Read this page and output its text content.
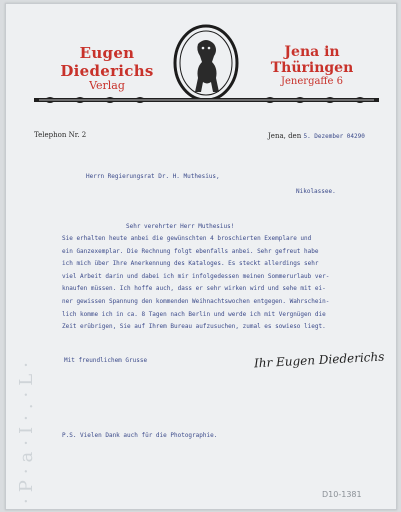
·P·a·I·.·L·
Eugen Diederichs
Verlag
Jena in Thüringen
Jenergaffe 6
Telephon Nr. 2	Jena, den 5. Dezember 04290
Herrn Regierungsrat Dr. H. Muthesius,
Nikolassee.
Sehr verehrter Herr Muthesius!
Sie erhalten heute anbei die gewünschten 4 broschierten Exemplare und
ein Ganzexemplar. Die Rechnung folgt ebenfalls anbei. Sehr gefreut habe
ich mich über Ihre Anerkennung des Kataloges. Es steckt allerdings sehr
viel Arbeit darin und dabei ich mir infolgedessen meinen Sommerurlaub ver-
knaufen müssen. Ich hoffe auch, dass er sehr wirken wird und sehe mit ei-
ner gewissen Spannung den kommenden Weihnachtswochen entgegen. Wahrschein-
lich komme ich in ca. 8 Tagen nach Berlin und werde ich mit Vergnügen die
Zeit erübrigen, Sie auf Ihrem Bureau aufzusuchen, zumal es sowieso liegt.
Mit freundlichem Grusse	Ihr Eugen Diederichs
P.S. Vielen Dank auch für die Photographie.
D10-1381
